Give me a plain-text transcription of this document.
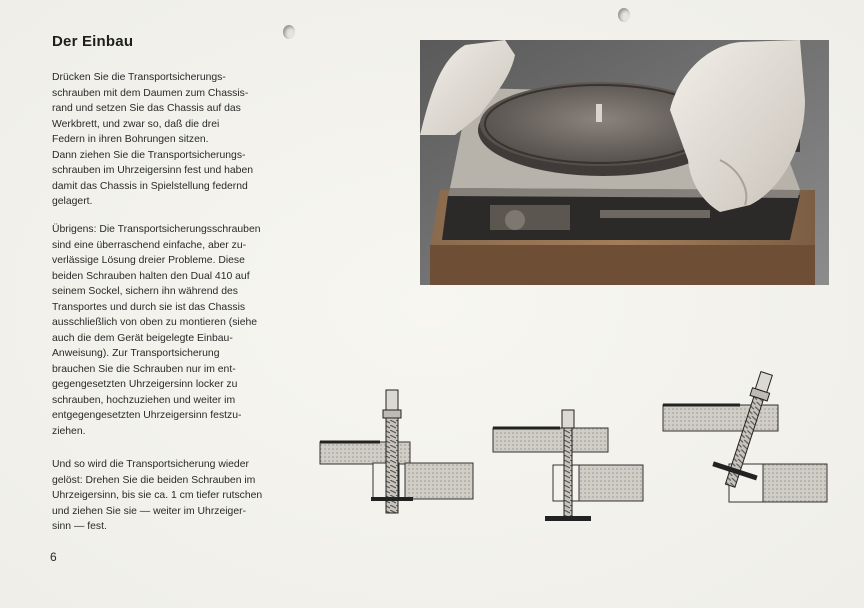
Der Einbau

Drücken Sie die Transportsicherungs-
schrauben mit dem Daumen zum Chassis-
rand und setzen Sie das Chassis auf das
Werkbrett, und zwar so, daß die drei
Federn in ihren Bohrungen sitzen.
Dann ziehen Sie die Transportsicherungs-
schrauben im Uhrzeigersinn fest und haben
damit das Chassis in Spielstellung federnd
gelagert.

Übrigens: Die Transportsicherungsschrauben
sind eine überraschend einfache, aber zu-
verlässige Lösung dreier Probleme. Diese
beiden Schrauben halten den Dual 410 auf
seinem Sockel, sichern ihn während des
Transportes und durch sie ist das Chassis
ausschließlich von oben zu montieren (siehe
auch die dem Gerät beigelegte Einbau-
Anweisung). Zur Transportsicherung
brauchen Sie die Schrauben nur im ent-
gegengesetzten Uhrzeigersinn locker zu
schrauben, hochzuziehen und weiter im
entgegengesetzten Uhrzeigersinn festzu-
ziehen.

Und so wird die Transportsicherung wieder
gelöst: Drehen Sie die beiden Schrauben im
Uhrzeigersinn, bis sie ca. 1 cm tiefer rutschen
und ziehen Sie sie — weiter im Uhrzeiger-
sinn — fest.

6
